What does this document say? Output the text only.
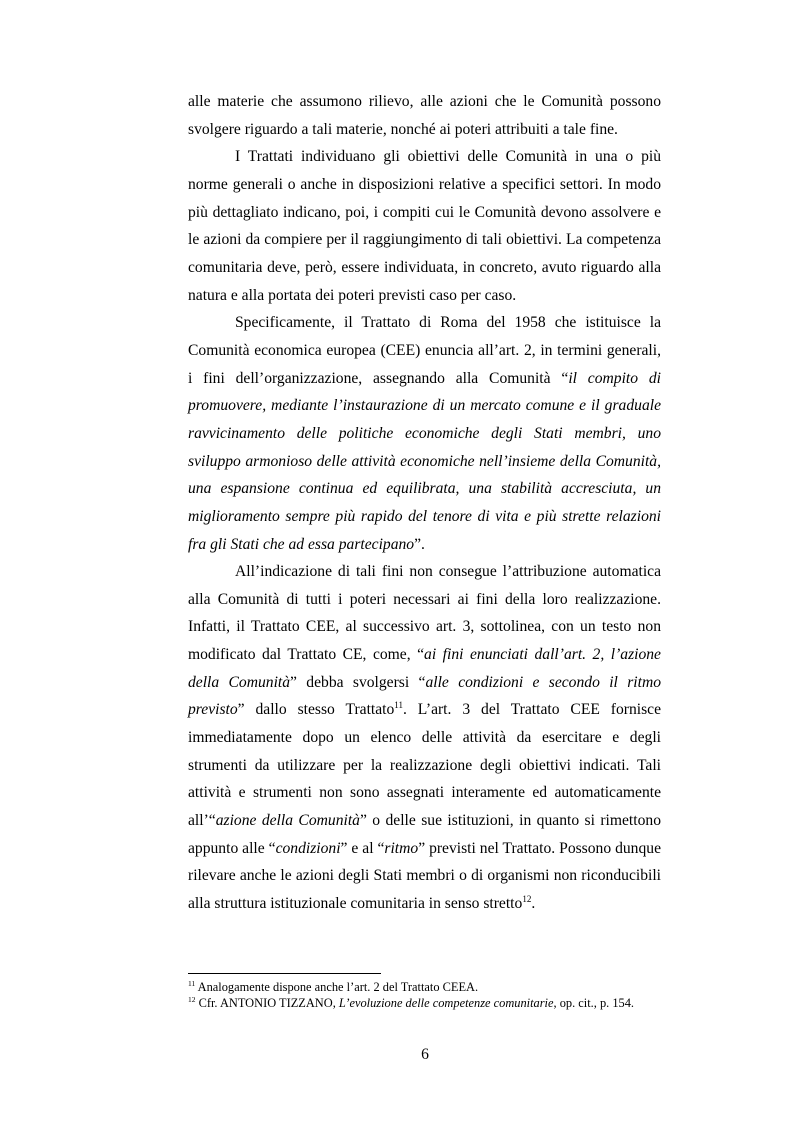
alle materie che assumono rilievo, alle azioni che le Comunità possono svolgere riguardo a tali materie, nonché ai poteri attribuiti a tale fine.

I Trattati individuano gli obiettivi delle Comunità in una o più norme generali o anche in disposizioni relative a specifici settori. In modo più dettagliato indicano, poi, i compiti cui le Comunità devono assolvere e le azioni da compiere per il raggiungimento di tali obiettivi. La competenza comunitaria deve, però, essere individuata, in concreto, avuto riguardo alla natura e alla portata dei poteri previsti caso per caso.

Specificamente, il Trattato di Roma del 1958 che istituisce la Comunità economica europea (CEE) enuncia all’art. 2, in termini generali, i fini dell’organizzazione, assegnando alla Comunità “il compito di promuovere, mediante l’instaurazione di un mercato comune e il graduale ravvicinamento delle politiche economiche degli Stati membri, uno sviluppo armonioso delle attività economiche nell’insieme della Comunità, una espansione continua ed equilibrata, una stabilità accresciuta, un miglioramento sempre più rapido del tenore di vita e più strette relazioni fra gli Stati che ad essa partecipano”.

All’indicazione di tali fini non consegue l’attribuzione automatica alla Comunità di tutti i poteri necessari ai fini della loro realizzazione. Infatti, il Trattato CEE, al successivo art. 3, sottolinea, con un testo non modificato dal Trattato CE, come, “ai fini enunciati dall’art. 2, l’azione della Comunità” debba svolgersi “alle condizioni e secondo il ritmo previsto” dallo stesso Trattato$^{11}$. L’art. 3 del Trattato CEE fornisce immediatamente dopo un elenco delle attività da esercitare e degli strumenti da utilizzare per la realizzazione degli obiettivi indicati. Tali attività e strumenti non sono assegnati interamente ed automaticamente all’“azione della Comunità” o delle sue istituzioni, in quanto si rimettono appunto alle “condizioni” e al “ritmo” previsti nel Trattato. Possono dunque rilevare anche le azioni degli Stati membri o di organismi non riconducibili alla struttura istituzionale comunitaria in senso stretto$^{12}$.

$^{11}$ Analogamente dispone anche l’art. 2 del Trattato CEEA.

$^{12}$ Cfr. ANTONIO TIZZANO, L’evoluzione delle competenze comunitarie, op. cit., p. 154.

6
